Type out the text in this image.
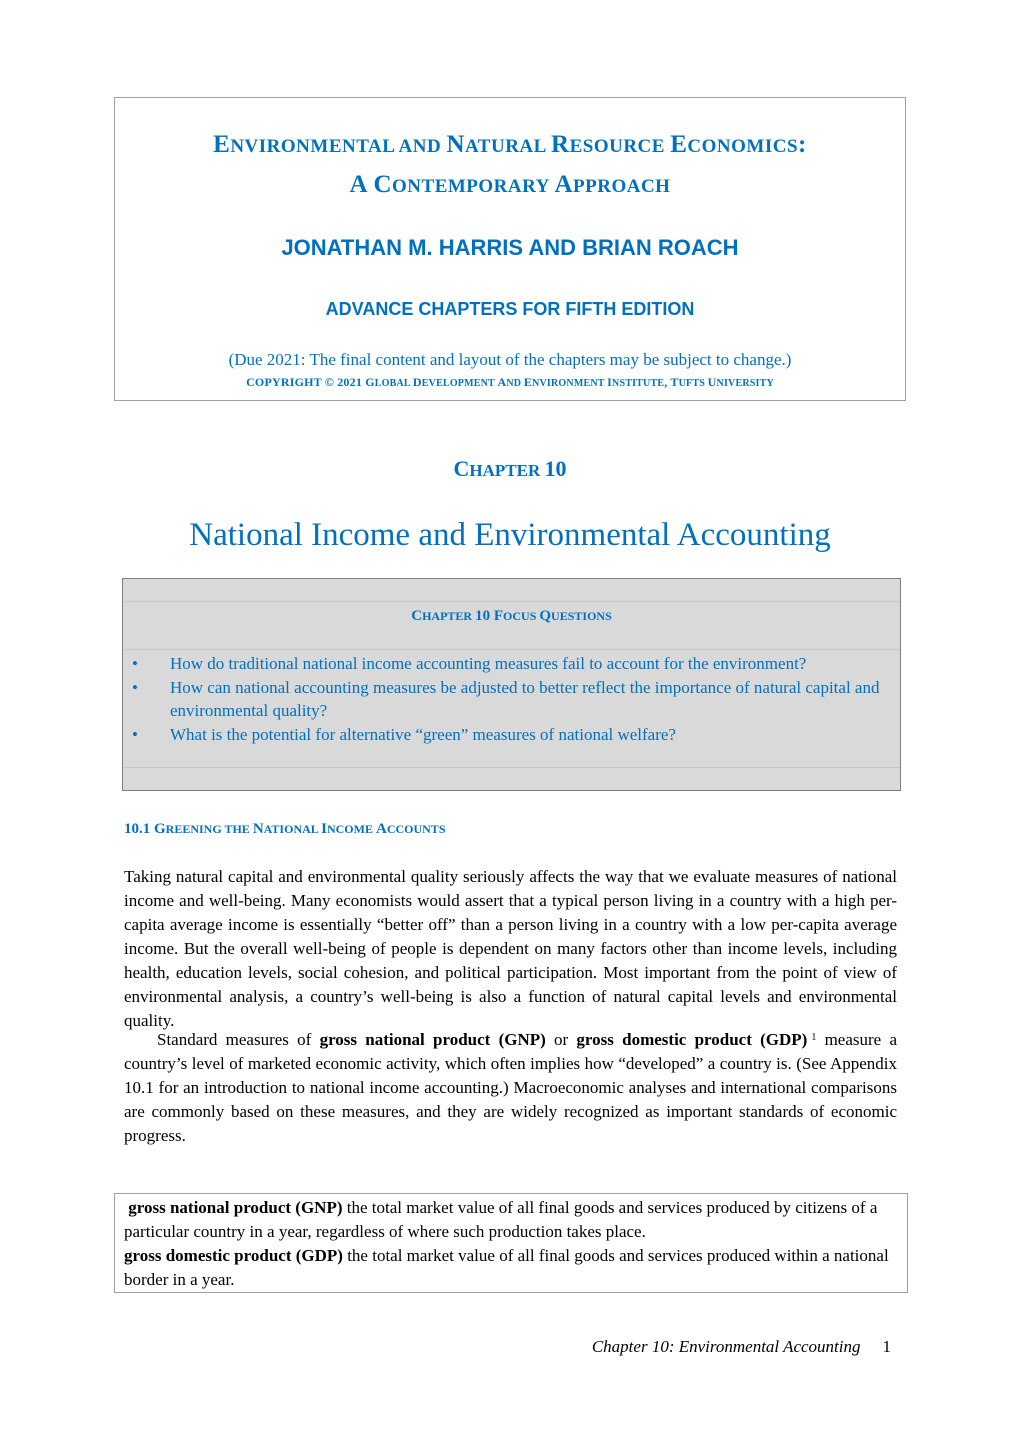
ENVIRONMENTAL AND NATURAL RESOURCE ECONOMICS:
A CONTEMPORARY APPROACH
JONATHAN M. HARRIS AND BRIAN ROACH
ADVANCE CHAPTERS FOR FIFTH EDITION
(Due 2021: The final content and layout of the chapters may be subject to change.)
COPYRIGHT © 2021 GLOBAL DEVELOPMENT AND ENVIRONMENT INSTITUTE, TUFTS UNIVERSITY
CHAPTER 10
National Income and Environmental Accounting
CHAPTER 10 FOCUS QUESTIONS
• How do traditional national income accounting measures fail to account for the environment?
• How can national accounting measures be adjusted to better reflect the importance of natural capital and environmental quality?
• What is the potential for alternative “green” measures of national welfare?
10.1 GREENING THE NATIONAL INCOME ACCOUNTS

Taking natural capital and environmental quality seriously affects the way that we evaluate measures of national income and well-being. Many economists would assert that a typical person living in a country with a high per-capita average income is essentially “better off” than a person living in a country with a low per-capita average income. But the overall well-being of people is dependent on many factors other than income levels, including health, education levels, social cohesion, and political participation. Most important from the point of view of environmental analysis, a country’s well-being is also a function of natural capital levels and environmental quality.

Standard measures of gross national product (GNP) or gross domestic product (GDP) $^1$ measure a country’s level of marketed economic activity, which often implies how “developed” a country is. (See Appendix 10.1 for an introduction to national income accounting.) Macroeconomic analyses and international comparisons are commonly based on these measures, and they are widely recognized as important standards of economic progress.

gross national product (GNP) the total market value of all final goods and services produced by citizens of a particular country in a year, regardless of where such production takes place.

gross domestic product (GDP) the total market value of all final goods and services produced within a national border in a year.

Chapter 10: Environmental Accounting 1
